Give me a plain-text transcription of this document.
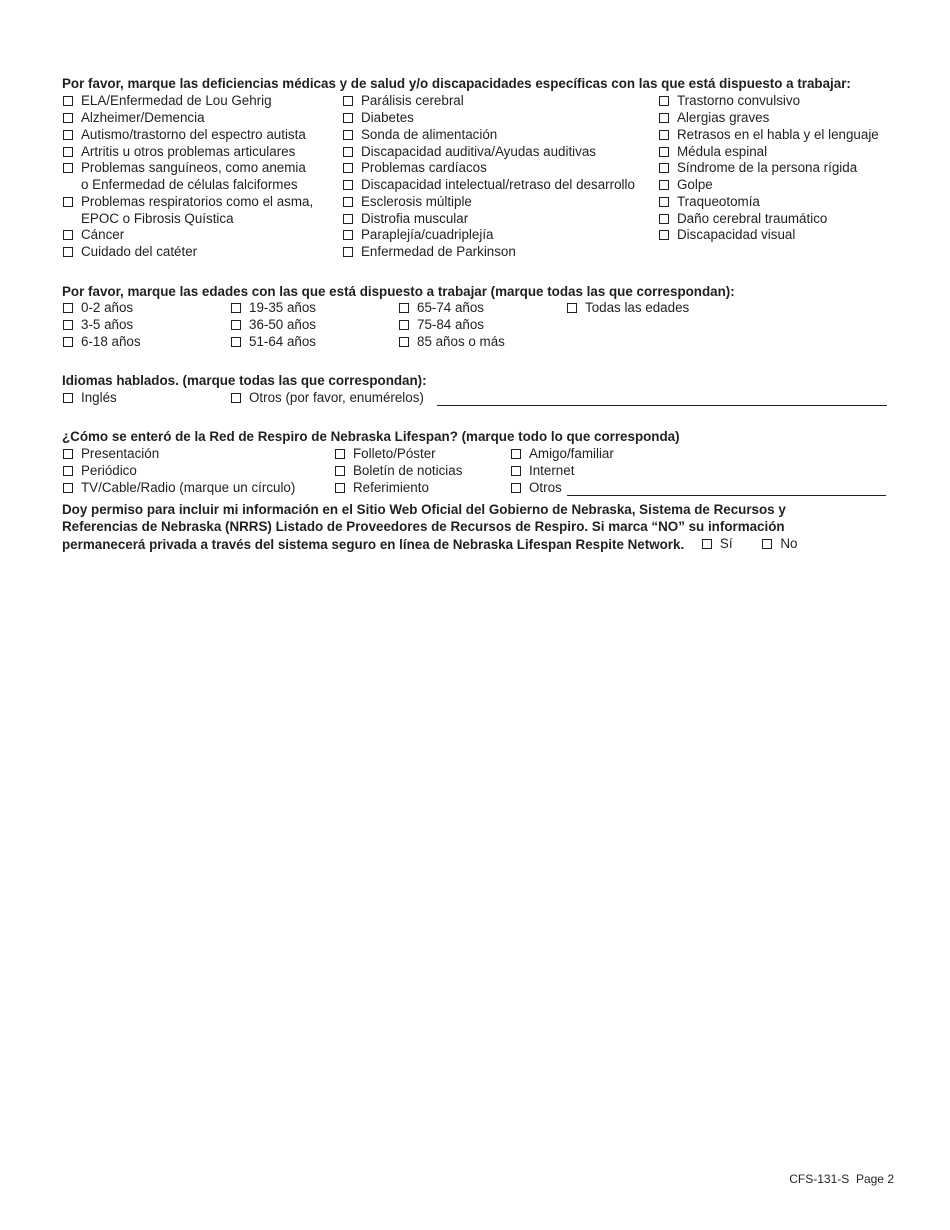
Por favor, marque las deficiencias médicas y de salud y/o discapacidades específicas con las que está dispuesto a trabajar:
ELA/Enfermedad de Lou Gehrig
Alzheimer/Demencia
Autismo/trastorno del espectro autista
Artritis u otros problemas articulares
Problemas sanguíneos, como anemia
o Enfermedad de células falciformes
Problemas respiratorios como el asma,
EPOC o Fibrosis Quística
Cáncer
Cuidado del catéter
Parálisis cerebral
Diabetes
Sonda de alimentación
Discapacidad auditiva/Ayudas auditivas
Problemas cardíacos
Discapacidad intelectual/retraso del desarrollo
Esclerosis múltiple
Distrofia muscular
Paraplejía/cuadriplejía
Enfermedad de Parkinson
Trastorno convulsivo
Alergias graves
Retrasos en el habla y el lenguaje
Médula espinal
Síndrome de la persona rígida
Golpe
Traqueotomía
Daño cerebral traumático
Discapacidad visual
Por favor, marque las edades con las que está dispuesto a trabajar (marque todas las que correspondan):
0-2 años
3-5 años
6-18 años
19-35 años
36-50 años
51-64 años
65-74 años
75-84 años
85 años o más
Todas las edades
Idiomas hablados. (marque todas las que correspondan):
Inglés	Otros (por favor, enumérelos)
¿Cómo se enteró de la Red de Respiro de Nebraska Lifespan? (marque todo lo que corresponda)
Presentación
Periódico
TV/Cable/Radio (marque un círculo)
Folleto/Póster
Boletín de noticias
Referimiento
Amigo/familiar
Internet
Otros
Doy permiso para incluir mi información en el Sitio Web Oficial del Gobierno de Nebraska, Sistema de Recursos y Referencias de Nebraska (NRRS) Listado de Proveedores de Recursos de Respiro. Si marca “NO” su información permanecerá privada a través del sistema seguro en línea de Nebraska Lifespan Respite Network.	Sí
	No
CFS-131-S Page 2
